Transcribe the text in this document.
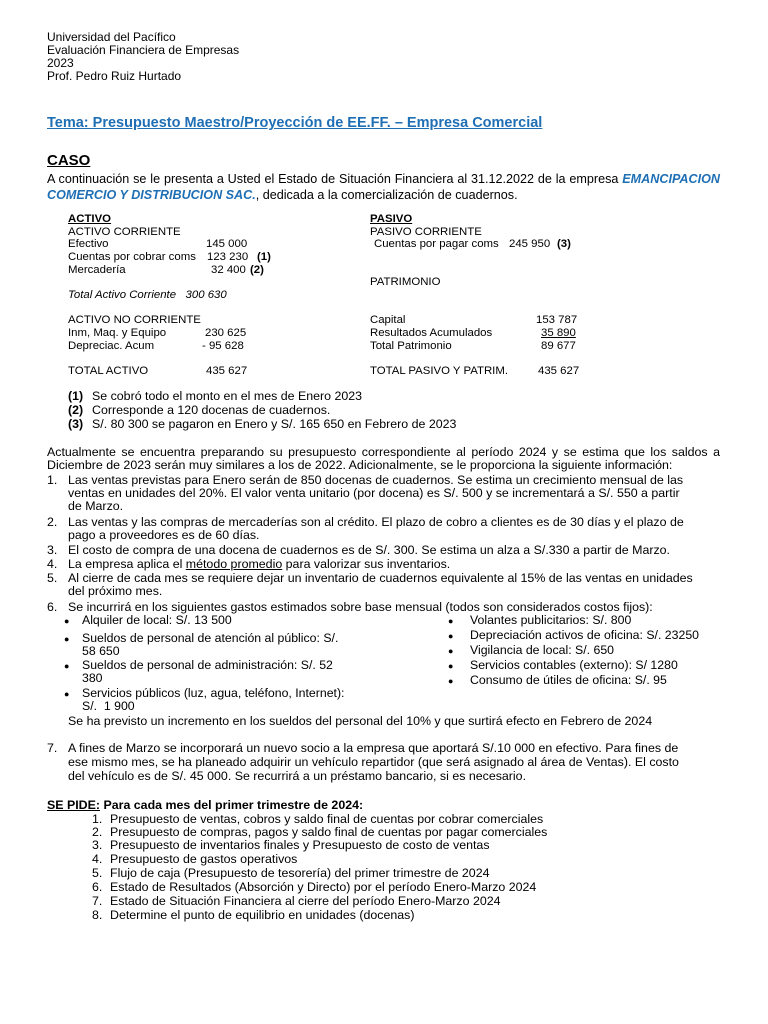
Universidad del Pacífico
Evaluación Financiera de Empresas
2023
Prof. Pedro Ruiz Hurtado
Tema: Presupuesto Maestro/Proyección de EE.FF. – Empresa Comercial
CASO
A continuación se le presenta a Usted el Estado de Situación Financiera al 31.12.2022 de la empresa EMANCIPACION COMERCIO Y DISTRIBUCION SAC., dedicada a la comercialización de cuadernos.
ACTIVO
ACTIVO CORRIENTE
Efectivo	145 000
Cuentas por cobrar coms 123 230 (1)
Mercadería	32 400 (2)
Total Activo Corriente   300 630
ACTIVO NO CORRIENTE
Inm, Maq. y Equipo	230 625
Depreciac. Acum	- 95 628
TOTAL ACTIVO	435 627
PASIVO
PASIVO CORRIENTE
Cuentas por pagar coms 245 950 (3)
PATRIMONIO
Capital	153 787
Resultados Acumulados	35 890
Total Patrimonio	89 677
TOTAL PASIVO Y PATRIM.	435 627
(1) Se cobró todo el monto en el mes de Enero 2023
(2) Corresponde a 120 docenas de cuadernos.
(3) S/. 80 300 se pagaron en Enero y S/. 165 650 en Febrero de 2023
Actualmente se encuentra preparando su presupuesto correspondiente al período 2024 y se estima que los saldos a Diciembre de 2023 serán muy similares a los de 2022. Adicionalmente, se le proporciona la siguiente información:
1. Las ventas previstas para Enero serán de 850 docenas de cuadernos. Se estima un crecimiento mensual de las
ventas en unidades del 20%. El valor venta unitario (por docena) es S/. 500 y se incrementará a S/. 550 a partir
de Marzo.
2. Las ventas y las compras de mercaderías son al crédito. El plazo de cobro a clientes es de 30 días y el plazo de
pago a proveedores es de 60 días.
3. El costo de compra de una docena de cuadernos es de S/. 300. Se estima un alza a S/.330 a partir de Marzo.
4. La empresa aplica el método promedio para valorizar sus inventarios.
5. Al cierre de cada mes se requiere dejar un inventario de cuadernos equivalente al 15% de las ventas en unidades
del próximo mes.
6. Se incurrirá en los siguientes gastos estimados sobre base mensual (todos son considerados costos fijos):
● Alquiler de local: S/. 13 500
● Sueldos de personal de atención al público: S/.
58 650
● Sueldos de personal de administración: S/. 52
380
● Servicios públicos (luz, agua, teléfono, Internet):
S/.  1 900
● Volantes publicitarios: S/. 800
● Depreciación activos de oficina: S/. 23250
● Vigilancia de local: S/. 650
● Servicios contables (externo): S/ 1280
● Consumo de útiles de oficina: S/. 95
Se ha previsto un incremento en los sueldos del personal del 10% y que surtirá efecto en Febrero de 2024
7. A fines de Marzo se incorporará un nuevo socio a la empresa que aportará S/.10 000 en efectivo. Para fines de
ese mismo mes, se ha planeado adquirir un vehículo repartidor (que será asignado al área de Ventas). El costo
del vehículo es de S/. 45 000. Se recurrirá a un préstamo bancario, si es necesario.
SE PIDE: Para cada mes del primer trimestre de 2024:
1. Presupuesto de ventas, cobros y saldo final de cuentas por cobrar comerciales
2. Presupuesto de compras, pagos y saldo final de cuentas por pagar comerciales
3. Presupuesto de inventarios finales y Presupuesto de costo de ventas
4. Presupuesto de gastos operativos
5. Flujo de caja (Presupuesto de tesorería) del primer trimestre de 2024
6. Estado de Resultados (Absorción y Directo) por el período Enero-Marzo 2024
7. Estado de Situación Financiera al cierre del período Enero-Marzo 2024
8. Determine el punto de equilibrio en unidades (docenas)
